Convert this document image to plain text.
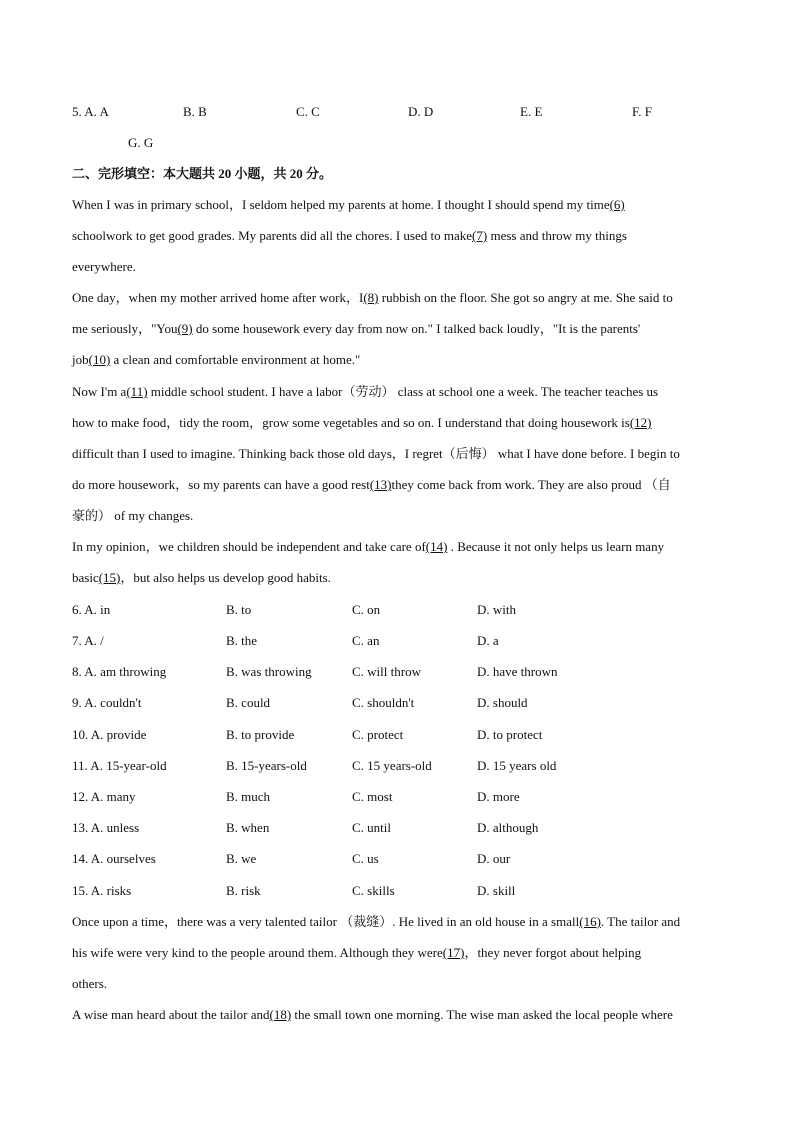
5. A. A	B. B	C. C	D. D	E. E	F. F
G. G
二、完形填空：本大题共 20 小题，共 20 分。
When I was in primary school，I seldom helped my parents at home. I thought I should spend my time(6)
schoolwork to get good grades. My parents did all the chores. I used to make(7) mess and throw my things
everywhere.
One day，when my mother arrived home after work，I(8) rubbish on the floor. She got so angry at me. She said to
me seriously，"You(9) do some housework every day from now on." I talked back loudly，"It is the parents'
job(10) a clean and comfortable environment at home."
Now I'm a(11) middle school student. I have a labor（劳动） class at school one a week. The teacher teaches us
how to make food，tidy the room，grow some vegetables and so on. I understand that doing housework is(12)
difficult than I used to imagine. Thinking back those old days，I regret（后悔） what I have done before. I begin to
do more housework，so my parents can have a good rest(13)they come back from work. They are also proud （自
豪的） of my changes.
In my opinion，we children should be independent and take care of(14) . Because it not only helps us learn many
basic(15)，but also helps us develop good habits.
6. A. in	B. to	C. on	D. with
7. A. /	B. the	C. an	D. a
8. A. am throwing	B. was throwing	C. will throw	D. have thrown
9. A. couldn't	B. could	C. shouldn't	D. should
10. A. provide	B. to provide	C. protect	D. to protect
11. A. 15-year-old	B. 15-years-old	C. 15 years-old	D. 15 years old
12. A. many	B. much	C. most	D. more
13. A. unless	B. when	C. until	D. although
14. A. ourselves	B. we	C. us	D. our
15. A. risks	B. risk	C. skills	D. skill
Once upon a time，there was a very talented tailor （裁缝）. He lived in an old house in a small(16). The tailor and
his wife were very kind to the people around them. Although they were(17)，they never forgot about helping
others.
A wise man heard about the tailor and(18) the small town one morning. The wise man asked the local people where
